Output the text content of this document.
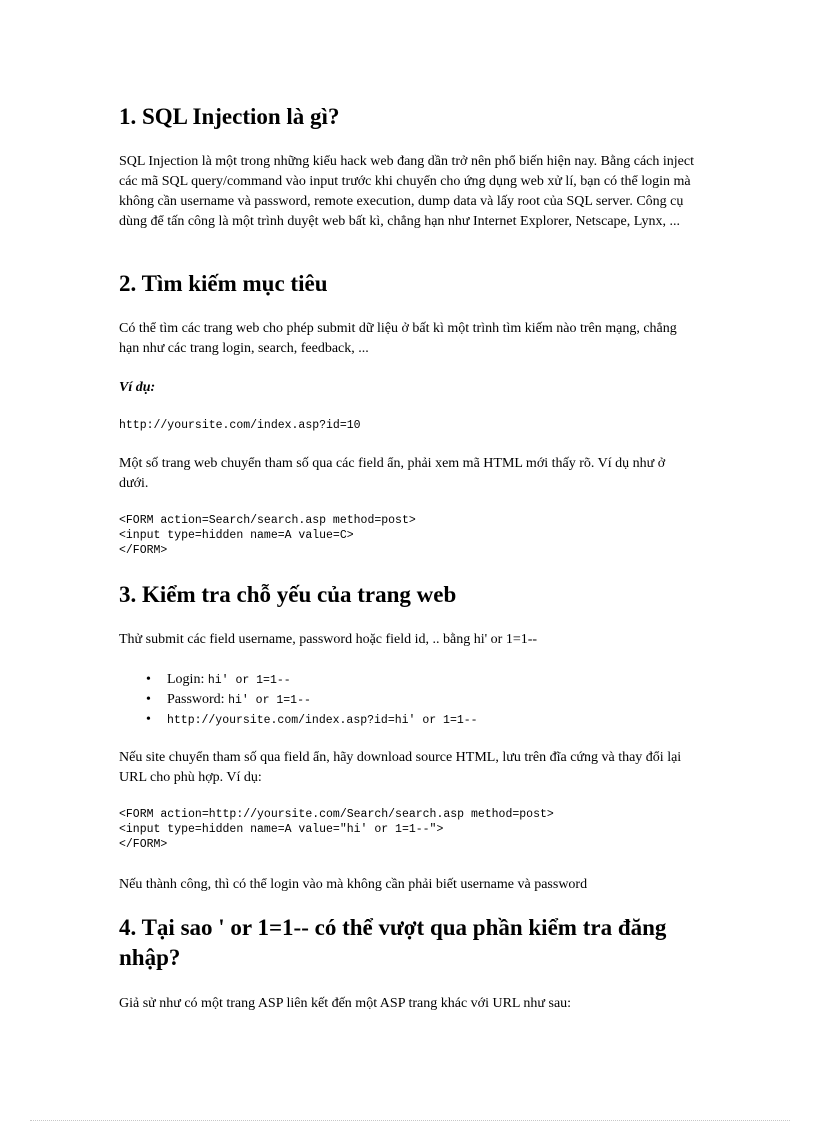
1. SQL Injection là gì?

SQL Injection là một trong những kiểu hack web đang dần trở nên phổ biến hiện nay. Bằng cách inject các mã SQL query/command vào input trước khi chuyển cho ứng dụng web xử lí, bạn có thể login mà không cần username và password, remote execution, dump data và lấy root của SQL server. Công cụ dùng để tấn công là một trình duyệt web bất kì, chẳng hạn như Internet Explorer, Netscape, Lynx, ...

2. Tìm kiếm mục tiêu

Có thể tìm các trang web cho phép submit dữ liệu ở bất kì một trình tìm kiếm nào trên mạng, chẳng hạn như các trang login, search, feedback, ...

Ví dụ:

http://yoursite.com/index.asp?id=10

Một số trang web chuyển tham số qua các field ẩn, phải xem mã HTML mới thấy rõ. Ví dụ như ở dưới.

<FORM action=Search/search.asp method=post>
<input type=hidden name=A value=C>
</FORM>
3. Kiểm tra chỗ yếu của trang web

Thử submit các field username, password hoặc field id, .. bằng hi' or 1=1--

• Login: hi' or 1=1--
• Password: hi' or 1=1--
• http://yoursite.com/index.asp?id=hi' or 1=1--

Nếu site chuyển tham số qua field ẩn, hãy download source HTML, lưu trên đĩa cứng và thay đổi lại URL cho phù hợp. Ví dụ:

<FORM action=http://yoursite.com/Search/search.asp method=post>
<input type=hidden name=A value="hi' or 1=1--">
</FORM>

Nếu thành công, thì có thể login vào mà không cần phải biết username và password

4. Tại sao ' or 1=1-- có thể vượt qua phần kiểm tra đăng nhập?

Giả sử như có một trang ASP liên kết đến một ASP trang khác với URL như sau:
